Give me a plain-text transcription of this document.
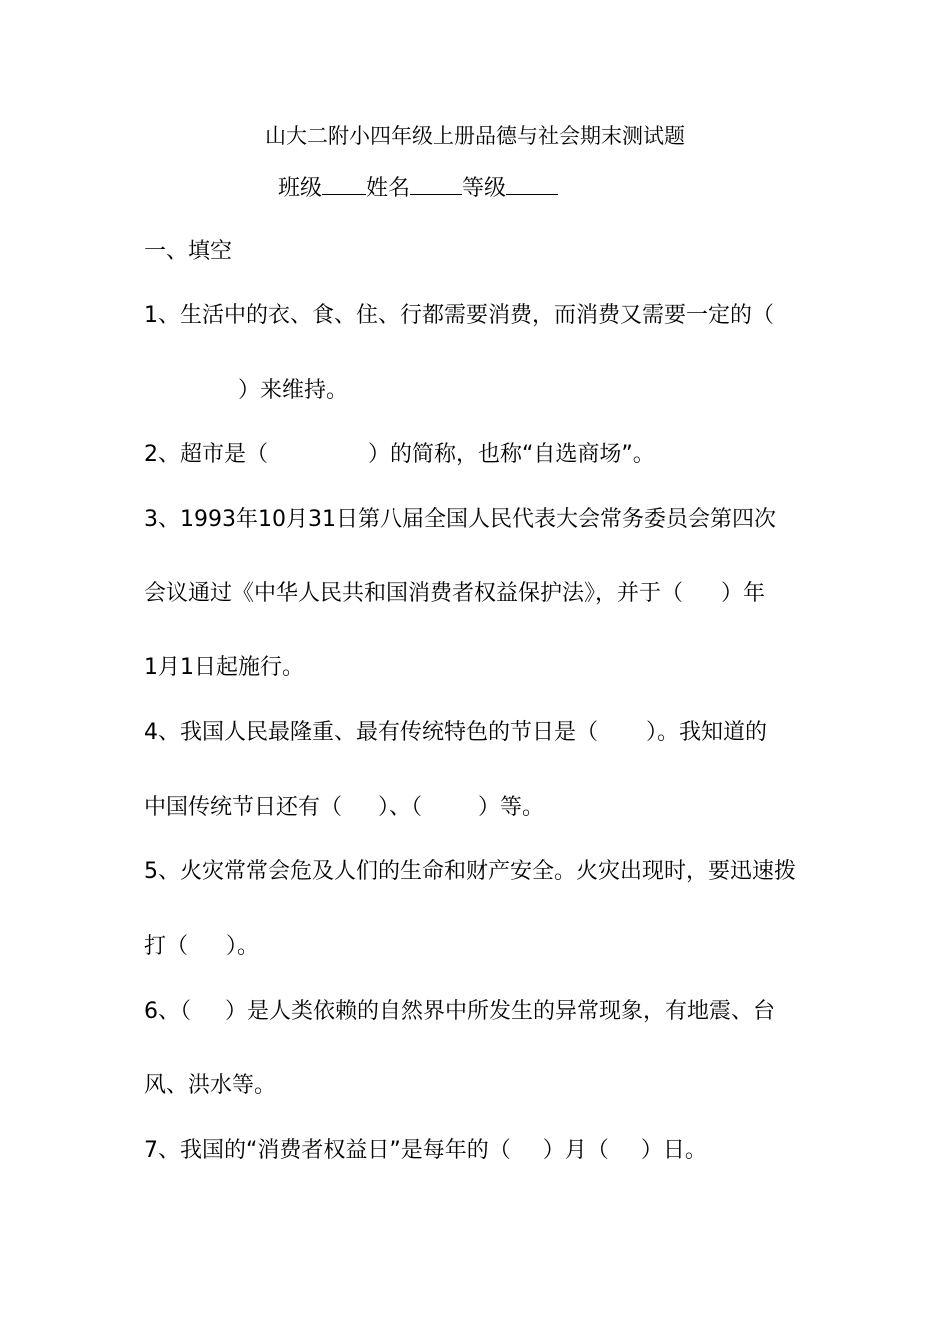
山大二附小四年级上册品德与社会期末测试题
班级 姓名 等级
一、填空
1、生活中的衣、食、住、行都需要消费，而消费又需要一定的（
）来维持。
2、超市是（	）的简称，也称“自选商场”。
3、1993年10月31日第八届全国人民代表大会常务委员会第四次
会议通过《中华人民共和国消费者权益保护法》，并于（ ）年
1月1日起施行。
4、我国人民最隆重、最有传统特色的节日是（ ）。我知道的
中国传统节日还有（ ）、（	）等。
5、火灾常常会危及人们的生命和财产安全。火灾出现时，要迅速拨
打（ ）。
6、（ ）是人类依赖的自然界中所发生的异常现象，有地震、台
风、洪水等。
7、我国的“消费者权益日”是每年的（ ）月（ ）日。
